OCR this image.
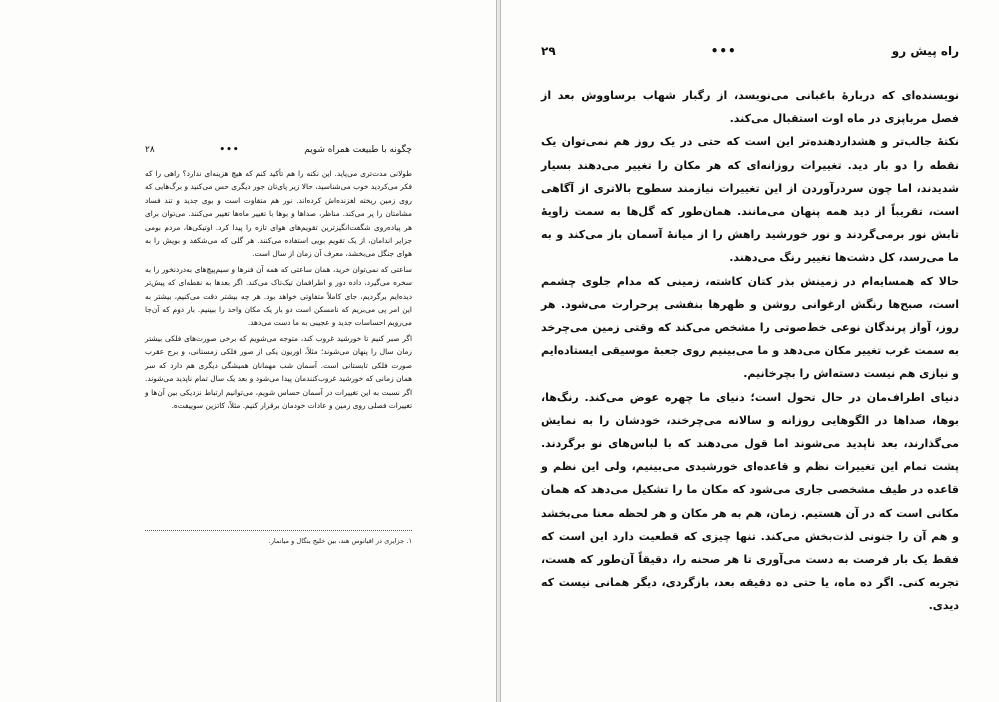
چگونه با طبیعت همراه شویم
•••
۲۸

طولانی مدت‌تری می‌پاید. این نکته را هم تأکید کنم که هیچ هزینه‌ای ندارد؟ راهی را که فکر می‌کردید خوب می‌شناسید، حالا زیر پای‌تان جور دیگری حس می‌کنید و برگ‌هایی که روی زمین ریخته لغزنده‌اش کرده‌اند. نور هم متفاوت است و بوی جدید و تند فساد مشامتان را پر می‌کند. مناظر، صداها و بوها با تغییر ماه‌ها تغییر می‌کنند. می‌توان برای هر پیاده‌روی شگفت‌انگیزترین تقویم‌های هوای تازه را پیدا کرد. اوتیکی‌ها، مردم بومی جزایر اندامان، از یک تقویم بویی استفاده می‌کنند. هر گلی که می‌شکفد و بویش را به هوای جنگل می‌بخشد، معرف آن زمان از سال است.

ساعتی که نمی‌توان خرید، همان ساعتی که همه آن فنرها و سیم‌پیچ‌های به‌دردنخور را به سخره می‌گیرد، داده دور و اطرافمان تیک‌تاک می‌کند. اگر بعدها به نقطه‌ای که پیش‌تر دیده‌ایم برگردیم، جای کاملاً متفاوتی خواهد بود. هر چه بیشتر دقت می‌کنیم، بیشتر به این امر پی می‌بریم که نامسکن است دو بار یک مکان واحد را ببینیم. بار دوم که آن‌جا می‌رویم احساسات جدید و عجیبی به ما دست می‌دهد.

اگر صبر کنیم تا خورشید غروب کند، متوجه می‌شویم که برخی صورت‌های فلکی بیشتر زمان سال را پنهان می‌شوند؛ مثلاً، اوریون یکی از صور فلکی زمستانی، و برج عقرب صورت فلکی تابستانی است. آسمان شب مهمانان همیشگی دیگری هم دارد که سر همان زمانی که خورشید غروب‌کنندمان پیدا می‌شود و بعد یک سال تمام ناپدید می‌شوند. اگر نسبت به این تغییرات در آسمان حساس شویم، می‌توانیم ارتباط نزدیکی بین آن‌ها و تغییرات فصلی روی زمین و عادات خودمان برقرار کنیم. مثلاً، کاتزین سوییفت‌ه.

۱. جزایری در اقیانوس هند، بین خلیج بنگال و میانمار.
راه پیش رو
•••
۲۹

نویسنده‌ای که دربارهٔ باغبانی می‌نویسد، از رگبار شهاب برساووش بعد از فصل مرباپزی در ماه اوت استقبال می‌کند.

نکتهٔ جالب‌تر و هشداردهنده‌تر این است که حتی در یک روز هم نمی‌توان یک نقطه را دو بار دید. تغییرات روزانه‌ای که هر مکان را تغییر می‌دهند بسیار شدیدند، اما چون سردرآوردن از این تغییرات نیازمند سطوح بالاتری از آگاهی است، تقریباً از دید همه پنهان می‌مانند. همان‌طور که گل‌ها به سمت زاویهٔ تابش نور برمی‌گردند و نور خورشید راهش را از میانهٔ آسمان باز می‌کند و به ما می‌رسد، کل دشت‌ها تغییر رنگ می‌دهند.

حالا که همسایه‌ام در زمینش بذر کتان کاشته، زمینی که مدام جلوی چشمم است، صبح‌ها رنگش ارغوانی روشن و ظهرها بنفشی پرحرارت می‌شود. هر روز، آواز پرندگان نوعی خط‌صوتی را مشخص می‌کند که وقتی زمین می‌چرخد به سمت غرب تغییر مکان می‌دهد و ما می‌بینیم روی جعبهٔ موسیقی ایستاده‌ایم و نیازی هم نیست دسته‌اش را بچرخانیم.

دنیای اطراف‌مان در حال تحول است؛ دنیای ما چهره عوض می‌کند. رنگ‌ها، بوها، صداها در الگوهایی روزانه و سالانه می‌چرخند، خودشان را به نمایش می‌گذارند، بعد ناپدید می‌شوند اما قول می‌دهند که با لباس‌های نو برگردند. پشت تمام این تغییرات نظم و قاعده‌ای خورشیدی می‌بینیم، ولی این نظم و قاعده در طیف مشخصی جاری می‌شود که مکان ما را تشکیل می‌دهد که همان مکانی است که در آن هستیم. زمان، هم به هر مکان و هر لحظه معنا می‌بخشد و هم آن را جنونی لذت‌بخش می‌کند. تنها چیزی که قطعیت دارد این است که فقط یک بار فرصت به دست می‌آوری تا هر صحنه را، دقیقاً آن‌طور که هست، تجربه کنی. اگر ده ماه، یا حتی ده دقیقه بعد، بازگردی، دیگر همانی نیست که دیدی.
